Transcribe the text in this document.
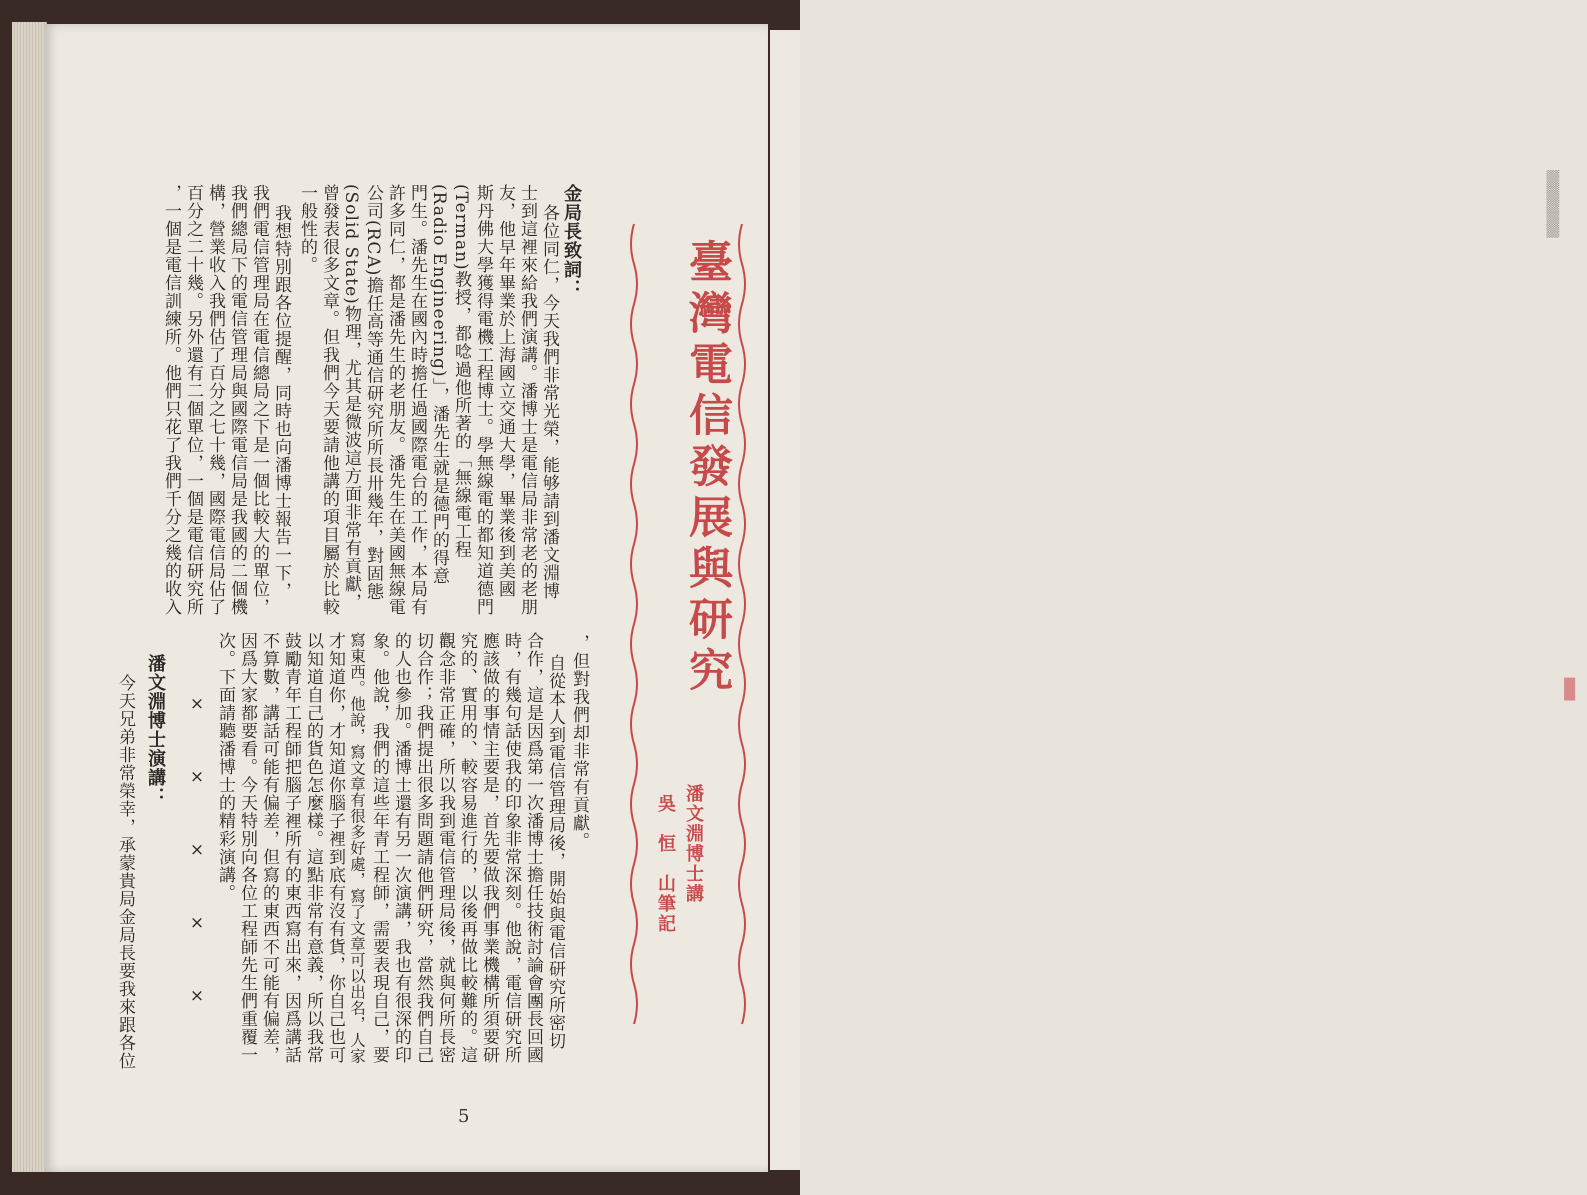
▒▒▒▒▒▒▒▒
▮
臺灣電信發展與研究
潘文淵博士講
吳　恒　山筆記
金局長致詞：
各位同仁，今天我們非常光榮，能够請到潘文淵博
士到這裡來給我們演講。潘博士是電信局非常老的老朋
友，他早年畢業於上海國立交通大學，畢業後到美國
斯丹佛大學獲得電機工程博士。學無線電的都知道德門
(Terman)教授，都唸過他所著的「無線電工程
(Radio Engineering)」，潘先生就是德門的得意
門生。潘先生在國內時擔任過國際電台的工作，本局有
許多同仁，都是潘先生的老朋友。潘先生在美國無線電
公司(RCA)擔任高等通信研究所所長卅幾年，對固態
(Solid State)物理，尤其是微波這方面非常有貢獻，
曾發表很多文章。但我們今天要請他講的項目屬於比較
一般性的。
我想特別跟各位提醒，同時也向潘博士報告一下，
我們電信管理局在電信總局之下是一個比較大的單位，
我們總局下的電信管理局與國際電信局是我國的二個機
構，營業收入我們估了百分之七十幾，國際電信局佔了
百分之二十幾。另外還有二個單位，一個是電信研究所
，一個是電信訓練所。他們只花了我們千分之幾的收入
，但對我們却非常有貢獻。
自從本人到電信管理局後，開始與電信研究所密切
合作，這是因爲第一次潘博士擔任技術討論會團長回國
時，有幾句話使我的印象非常深刻。他說，電信研究所
應該做的事情主要是，首先要做我們事業機構所須要研
究的、實用的、較容易進行的，以後再做比較難的。這
觀念非常正確，所以我到電信管理局後，就與何所長密
切合作；我們提出很多問題請他們研究，當然我們自己
的人也參加。潘博士還有另一次演講，我也有很深的印
象。他說，我們的這些年青工程師，需要表現自己，要
寫東西。他說，寫文章有很多好處，寫了文章可以出名，人家
才知道你，才知道你腦子裡到底有沒有貨，你自己也可
以知道自己的貨色怎麼樣。這點非常有意義，所以我常
鼓勵青年工程師把腦子裡所有的東西寫出來，因爲講話
不算數，講話可能有偏差，但寫的東西不可能有偏差，
因爲大家都要看。今天特別向各位工程師先生們重覆一
次。下面請聽潘博士的精彩演講。
×　×　×　×　×
潘文淵博士演講：
今天兄弟非常榮幸，承蒙貴局金局長要我來跟各位
5
